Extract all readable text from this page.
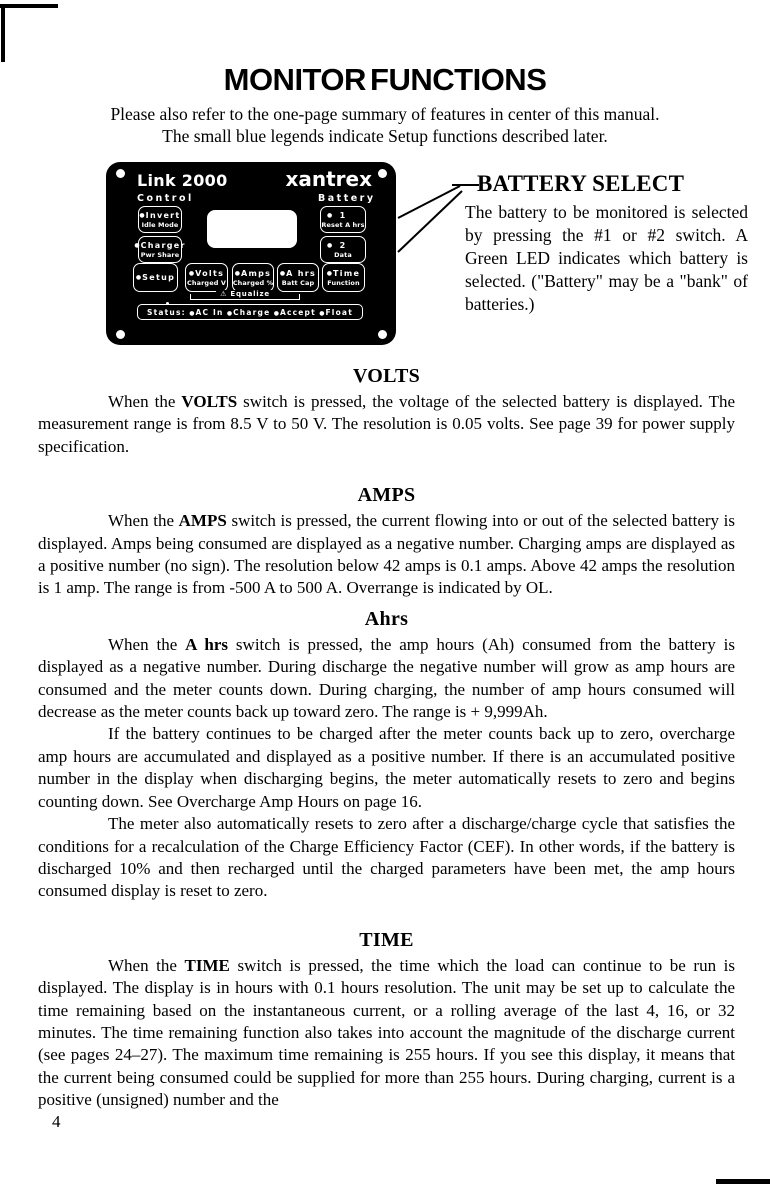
MONITOR FUNCTIONS
Please also refer to the one-page summary of features in center of this manual.
The small blue legends indicate Setup functions described later.
Link 2000	xantrex
Control	Battery
● Invert
Idle Mode
● Charger
Pwr Share
● 1
Reset A hrs
● 2
Data
● Setup ● Volts
Charged V
● Amps
Charged %
● A hrs
Batt Cap
● Time
Function
⚠ Equalize
Status: ●AC In ●Charge ●Accept ●Float
BATTERY SELECT
The battery to be monitored is selected by pressing the #1 or #2 switch. A Green LED indicates which battery is selected. ("Battery" may be a "bank" of batteries.)
VOLTS

When the VOLTS switch is pressed, the voltage of the selected battery is displayed. The measurement range is from 8.5 V to 50 V. The resolution is 0.05 volts. See page 39 for power supply specification.

AMPS

When the AMPS switch is pressed, the current flowing into or out of the selected battery is displayed. Amps being consumed are displayed as a negative number. Charging amps are displayed as a positive number (no sign). The resolution below 42 amps is 0.1 amps. Above 42 amps the resolution is 1 amp. The range is from -500 A to 500 A. Overrange is indicated by OL.

Ahrs

When the A hrs switch is pressed, the amp hours (Ah) consumed from the battery is displayed as a negative number. During discharge the negative number will grow as amp hours are consumed and the meter counts down. During charging, the number of amp hours consumed will decrease as the meter counts back up toward zero. The range is + 9,999Ah.

If the battery continues to be charged after the meter counts back up to zero, overcharge amp hours are accumulated and displayed as a positive number. If there is an accumulated positive number in the display when discharging begins, the meter automatically resets to zero and begins counting down. See Overcharge Amp Hours on page 16.

The meter also automatically resets to zero after a discharge/charge cycle that satisfies the conditions for a recalculation of the Charge Efficiency Factor (CEF). In other words, if the battery is discharged 10% and then recharged until the charged parameters have been met, the amp hours consumed display is reset to zero.

TIME

When the TIME switch is pressed, the time which the load can continue to be run is displayed. The display is in hours with 0.1 hours resolution. The unit may be set up to calculate the time remaining based on the instantaneous current, or a rolling average of the last 4, 16, or 32 minutes. The time remaining function also takes into account the magnitude of the discharge current (see pages 24–27). The maximum time remaining is 255 hours. If you see this display, it means that the current being consumed could be supplied for more than 255 hours. During charging, current is a positive (unsigned) number and the

4
